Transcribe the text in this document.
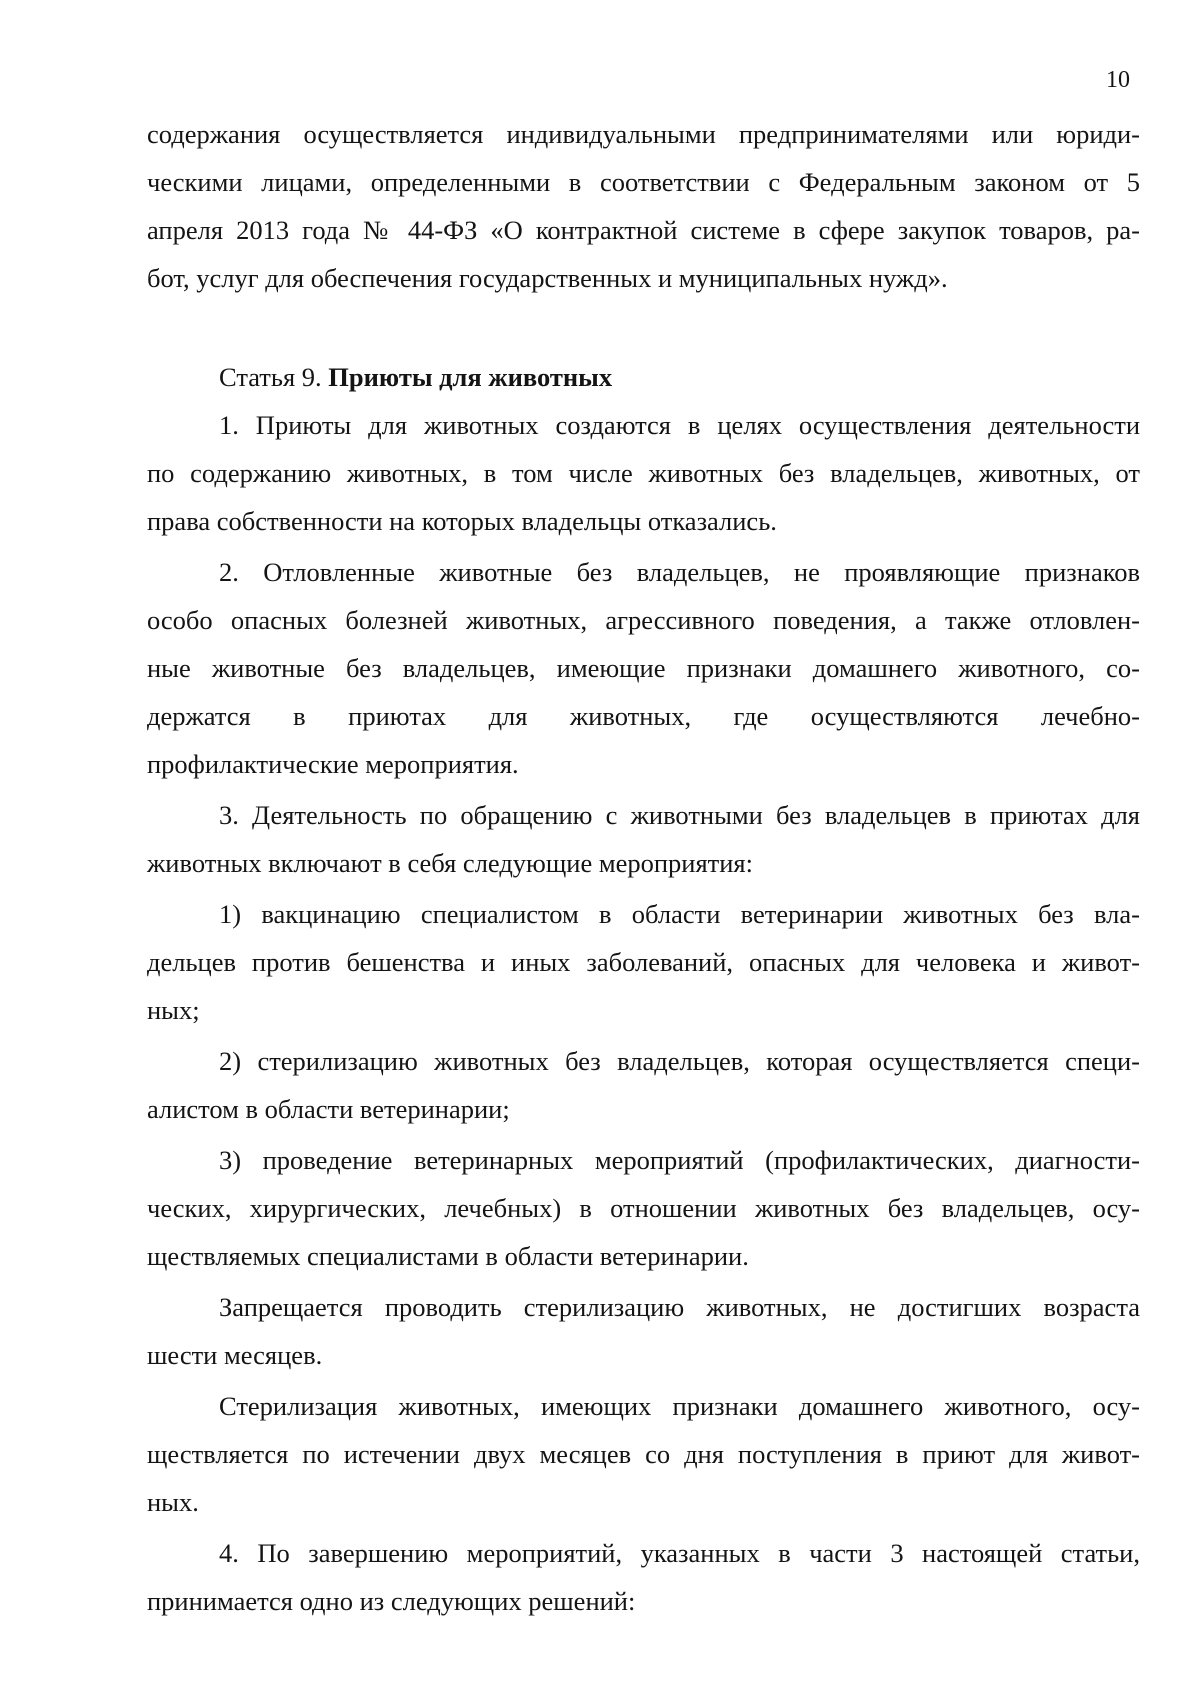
10
содержания осуществляется индивидуальными предпринимателями или юриди-
ческими лицами, определенными в соответствии с Федеральным законом от 5
апреля 2013 года № 44-ФЗ «О контрактной системе в сфере закупок товаров, ра-
бот, услуг для обеспечения государственных и муниципальных нужд».
Статья 9. Приюты для животных
1. Приюты для животных создаются в целях осуществления деятельности
по содержанию животных, в том числе животных без владельцев, животных, от
права собственности на которых владельцы отказались.
2. Отловленные животные без владельцев, не проявляющие признаков
особо опасных болезней животных, агрессивного поведения, а также отловлен-
ные животные без владельцев, имеющие признаки домашнего животного, со-
держатся в приютах для животных, где осуществляются лечебно-
профилактические мероприятия.
3. Деятельность по обращению с животными без владельцев в приютах для
животных включают в себя следующие мероприятия:
1) вакцинацию специалистом в области ветеринарии животных без вла-
дельцев против бешенства и иных заболеваний, опасных для человека и живот-
ных;
2) стерилизацию животных без владельцев, которая осуществляется специ-
алистом в области ветеринарии;
3) проведение ветеринарных мероприятий (профилактических, диагности-
ческих, хирургических, лечебных) в отношении животных без владельцев, осу-
ществляемых специалистами в области ветеринарии.
Запрещается проводить стерилизацию животных, не достигших возраста
шести месяцев.
Стерилизация животных, имеющих признаки домашнего животного, осу-
ществляется по истечении двух месяцев со дня поступления в приют для живот-
ных.
4. По завершению мероприятий, указанных в части 3 настоящей статьи,
принимается одно из следующих решений:
